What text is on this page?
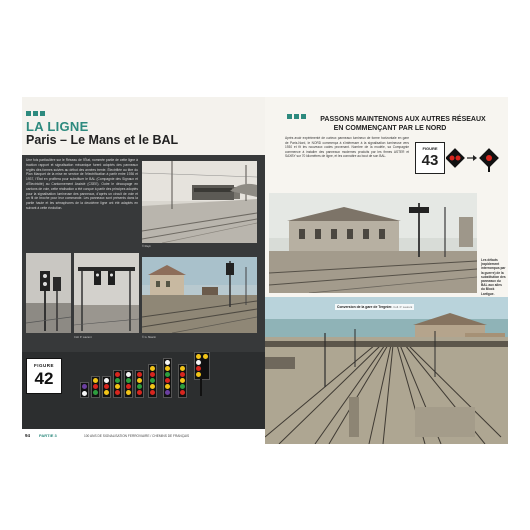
LA LIGNE
Paris – Le Mans et le BAL
Une fois particulière sur le Réseau de l'État, nommée partie de cette ligne à traction rapport et signalisation mécanique furent adoptés des panneaux réglés dès formes suivies au début des années trente. Électrifiée au titre du Plan Marquet de la mise en service de l'électrification à partir entre 1936 et 1937, l'État en profitera pour substituer le BAL (Compagnie des Signaux et d'Électricité) au Cantonnement Assisté (CSEE). Outre le découpage en cantons de voie, cette réalisation a été conçue à partir des principes adoptés pour la signalisation lumineuse des panneaux, d'après un circuit de voie et un fil de broche pour leur commande. Les panneaux sont présents dans la partie haute et les sémaphores de la deuxième ligne ont été adaptés en suivant à cette évolution.
© Rayé
Coll. P. Laurent	© G. Maurin
FIGURE
42
94 PARTIE 3	100 ANS DE SIGNALISATION FERROVIAIRE / CHEMINS DE FRANÇAIS
PASSONS MAINTENONS AUX AUTRES RÉSEAUX
EN COMMENÇANT PAR LE NORD
Après avoir expérimenté de curieux panneaux lumineux de forme horizontale en gare de Paris-Nord, le NORD commença à s'intéresser à la signalisation lumineuse vers 1930 et fit les nouveaux codes provenant. Nombre de la modèle, sa Compagnie commence à installer des panneaux modernes produits par les firmes ASTER et SAXBY sur 70 kilomètres de ligne, et les connaître au bout de son BAL.
FIGURE
43
Les débuts (rapidement interrompus par la guerre) de la substitution des panneaux du BAL aux ailes du Block Lartigue.
Conversion de la gare de Tergnier. Coll. P. Laurent
